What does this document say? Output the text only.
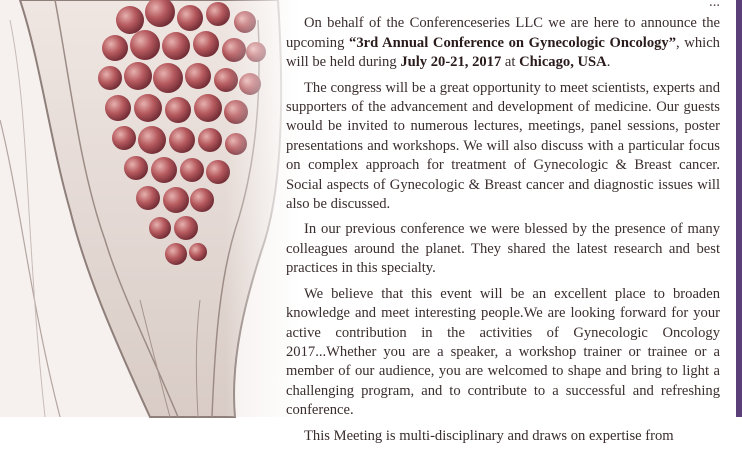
...

On behalf of the Conferenceseries LLC we are here to announce the upcoming “3rd Annual Conference on Gynecologic Oncology”, which will be held during July 20-21, 2017 at Chicago, USA.

The congress will be a great opportunity to meet scientists, experts and supporters of the advancement and development of medicine. Our guests would be invited to numerous lectures, meetings, panel sessions, poster presentations and workshops. We will also discuss with a particular focus on complex approach for treatment of Gynecologic & Breast cancer. Social aspects of Gynecologic & Breast cancer and diagnostic issues will also be discussed.

In our previous conference we were blessed by the presence of many colleagues around the planet. They shared the latest research and best practices in this specialty.

We believe that this event will be an excellent place to broaden knowledge and meet interesting people.We are looking forward for your active contribution in the activities of Gynecologic Oncology 2017...Whether you are a speaker, a workshop trainer or trainee or a member of our audience, you are welcomed to shape and bring to light a challenging program, and to contribute to a successful and refreshing conference.

This Meeting is multi-disciplinary and draws on expertise from
